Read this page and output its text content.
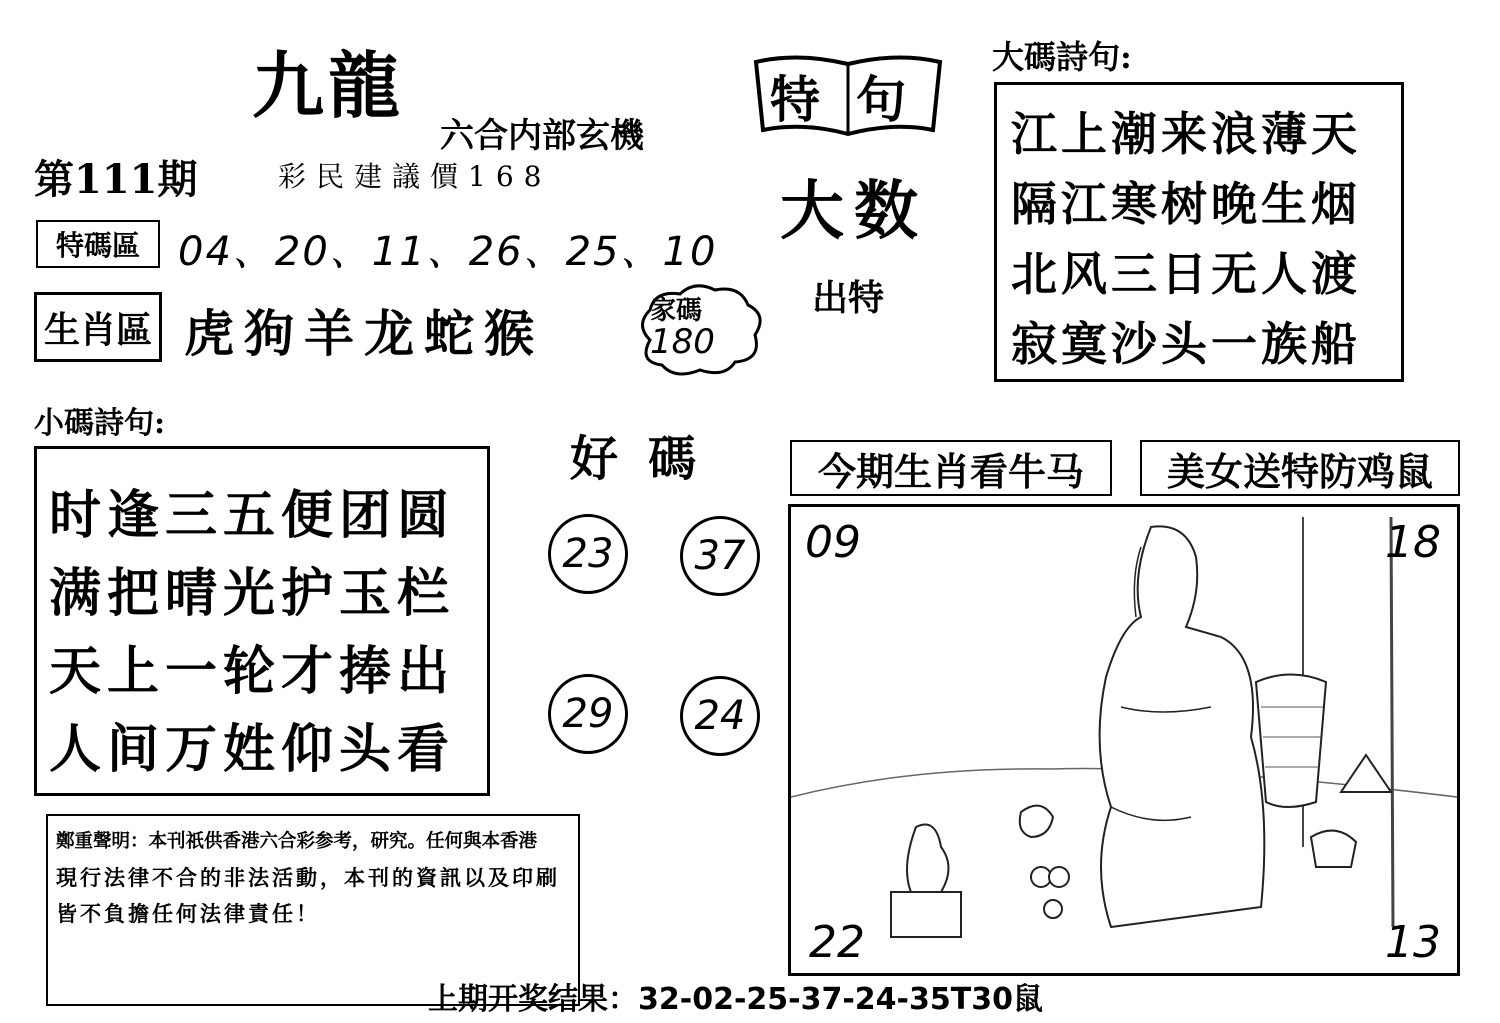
九龍
六合内部玄機
第111期	彩民建議價168
特碼區 04、20、11、26、25、10
生肖區 虎狗羊龙蛇猴	家碼
180
特句
大数
出特
大碼詩句:
江上潮来浪薄天
隔江寒树晚生烟
北风三日无人渡
寂寞沙头一族船
小碼詩句:
时逢三五便团圆
满把晴光护玉栏
天上一轮才捧出
人间万姓仰头看
好碼
23	37
29	24
今期生肖看牛马 美女送特防鸡鼠
09	18
22	13
鄭重聲明：本刊祇供香港六合彩参考，研究。任何與本香港
現行法律不合的非法活動，本刊的資訊以及印刷
皆不負擔任何法律責任！
上期开奖结果：32-02-25-37-24-35T30鼠
